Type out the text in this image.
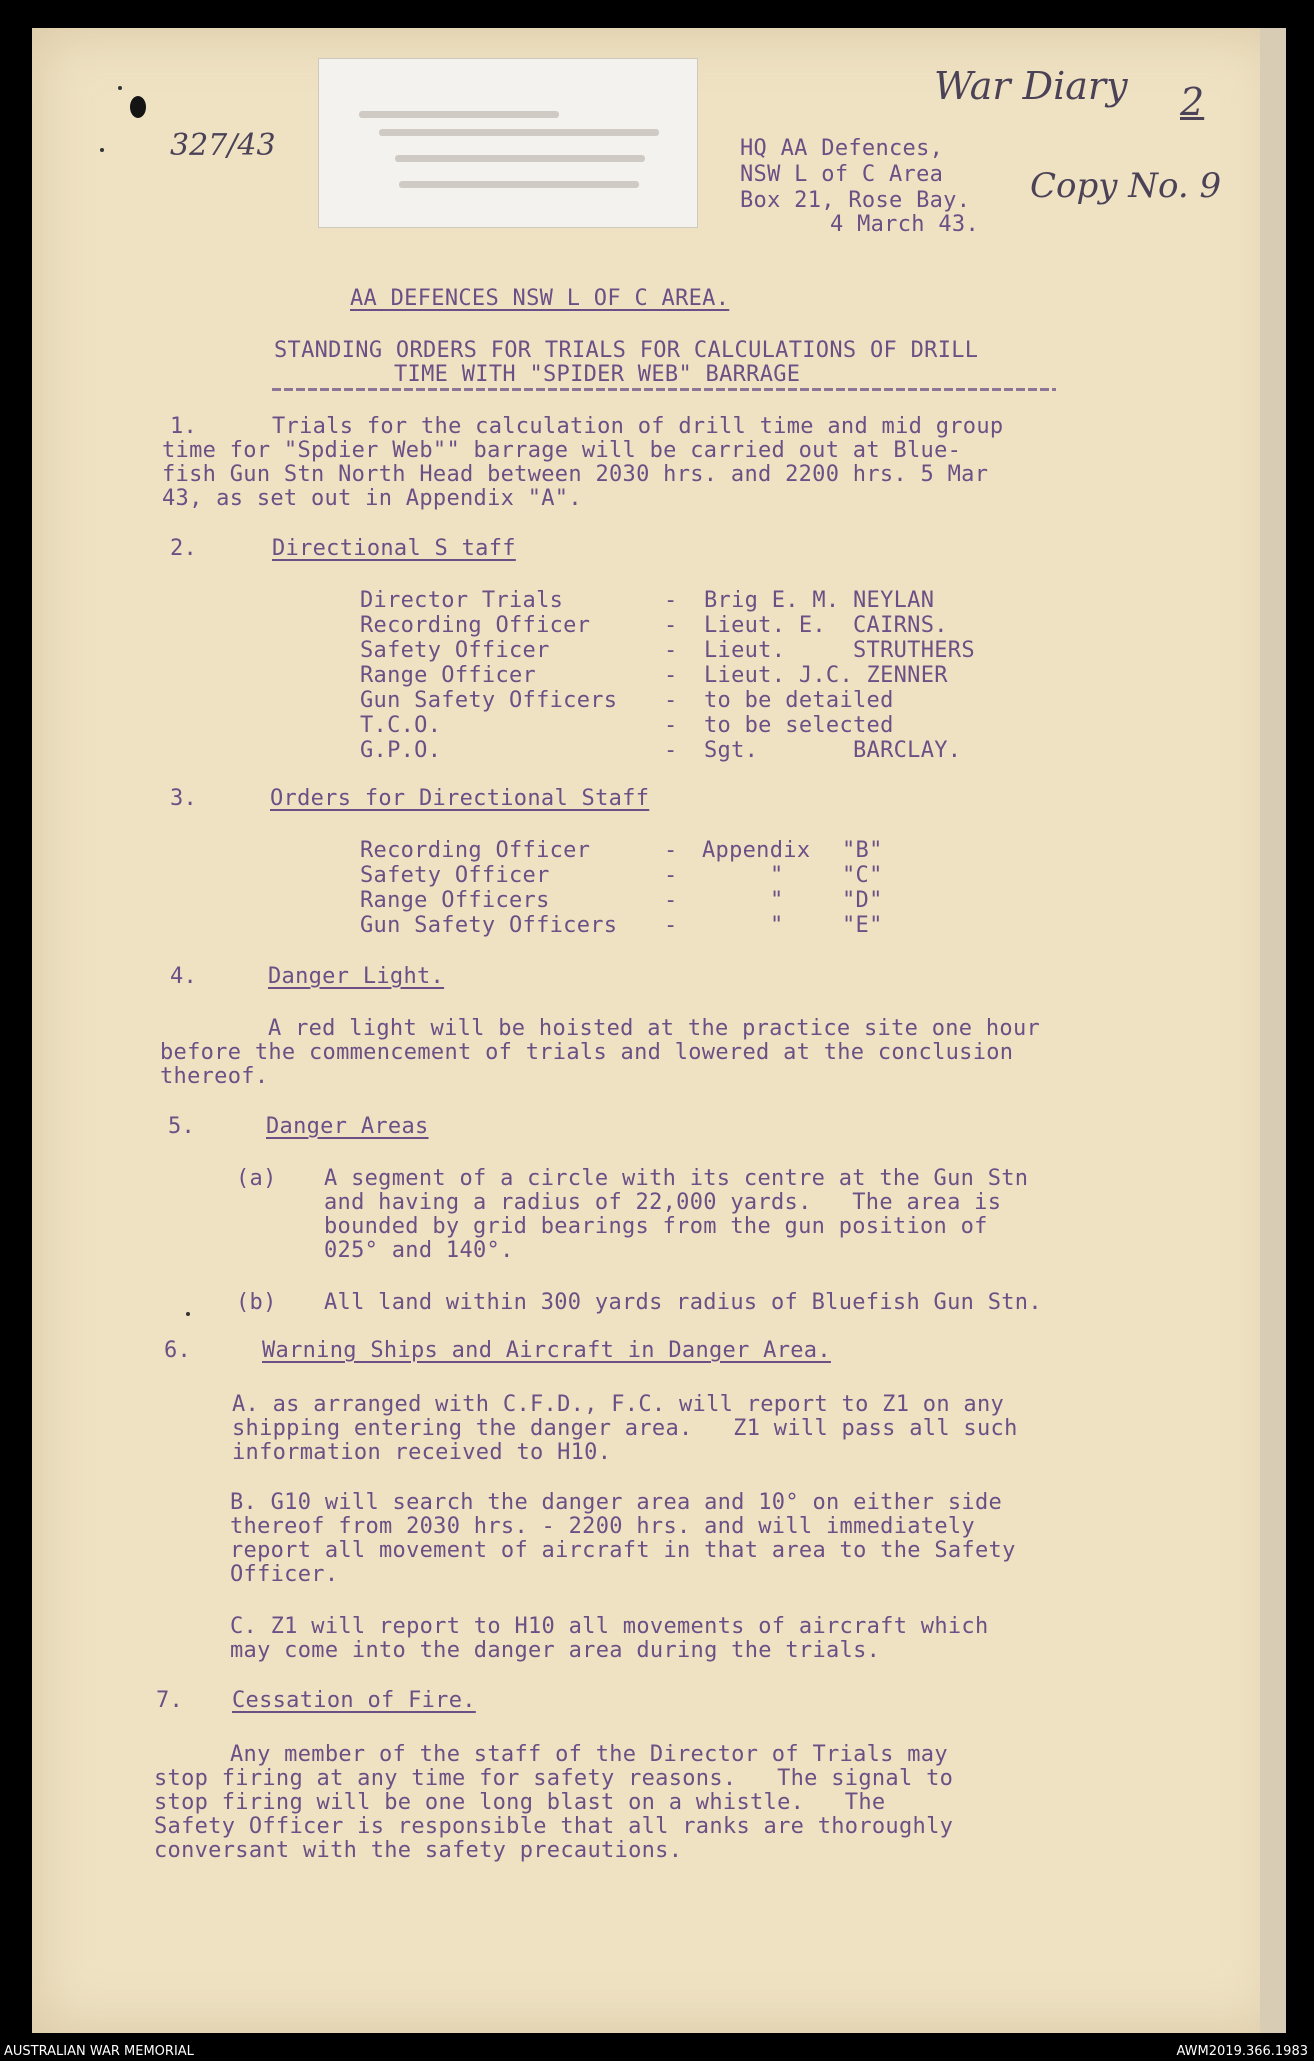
327/43
War Diary 2
Copy No. 9
HQ AA Defences,
NSW L of C Area
Box 21, Rose Bay.
4 March 43.
AA DEFENCES NSW L OF C AREA.
STANDING ORDERS FOR TRIALS FOR CALCULATIONS OF DRILL
TIME WITH "SPIDER WEB" BARRAGE
1.	Trials for the calculation of drill time and mid group
time for "Spdier Web"" barrage will be carried out at Blue-
fish Gun Stn North Head between 2030 hrs. and 2200 hrs. 5 Mar
43, as set out in Appendix "A".
2.	Directional S taff
Director Trials	- Brig E. M. NEYLAN
Recording Officer	- Lieut. E.  CAIRNS.
Safety Officer	- Lieut.     STRUTHERS
Range Officer	- Lieut. J.C. ZENNER
Gun Safety Officers - to be detailed
T.C.O.	- to be selected
G.P.O.	- Sgt.       BARCLAY.
3.	Orders for Directional Staff
Recording Officer	- Appendix "B"
Safety Officer	-	"	"C"
Range Officers	-	"	"D"
Gun Safety Officers -	"	"E"
4.	Danger Light.
A red light will be hoisted at the practice site one hour
before the commencement of trials and lowered at the conclusion
thereof.
5.	Danger Areas
(a) A segment of a circle with its centre at the Gun Stn
and having a radius of 22,000 yards.   The area is
bounded by grid bearings from the gun position of
025° and 140°.
(b) All land within 300 yards radius of Bluefish Gun Stn.
6.	Warning Ships and Aircraft in Danger Area.
A. as arranged with C.F.D., F.C. will report to Z1 on any
shipping entering the danger area.   Z1 will pass all such
information received to H10.
B. G10 will search the danger area and 10° on either side
thereof from 2030 hrs. - 2200 hrs. and will immediately
report all movement of aircraft in that area to the Safety
Officer.
C. Z1 will report to H10 all movements of aircraft which
may come into the danger area during the trials.
7. Cessation of Fire.
Any member of the staff of the Director of Trials may
stop firing at any time for safety reasons.   The signal to
stop firing will be one long blast on a whistle.   The
Safety Officer is responsible that all ranks are thoroughly
conversant with the safety precautions.
AUSTRALIAN WAR MEMORIAL	AWM2019.366.1983
